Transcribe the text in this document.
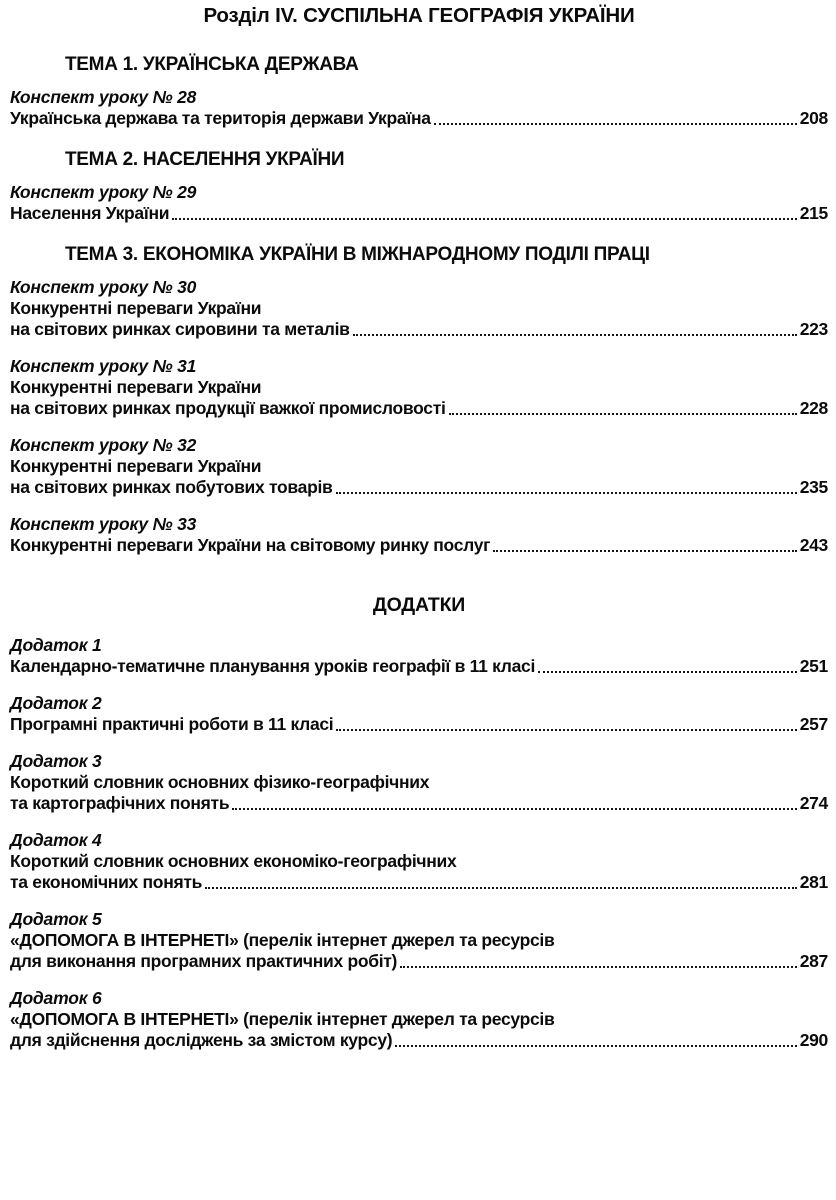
Розділ IV. СУСПІЛЬНА ГЕОГРАФІЯ УКРАЇНИ
ТЕМА 1. УКРАЇНСЬКА ДЕРЖАВА
Конспект уроку № 28
Українська держава та територія держави Україна	208
ТЕМА 2. НАСЕЛЕННЯ УКРАЇНИ
Конспект уроку № 29
Населення України	215
ТЕМА 3. ЕКОНОМІКА УКРАЇНИ В МІЖНАРОДНОМУ ПОДІЛІ ПРАЦІ
Конспект уроку № 30
Конкурентні переваги України
на світових ринках сировини та металів	223
Конспект уроку № 31
Конкурентні переваги України
на світових ринках продукції важкої промисловості	228
Конспект уроку № 32
Конкурентні переваги України
на світових ринках побутових товарів	235
Конспект уроку № 33
Конкурентні переваги України на світовому ринку послуг	243
ДОДАТКИ
Додаток 1
Календарно-тематичне планування уроків географії в 11 класі	251
Додаток 2
Програмні практичні роботи в 11 класі	257
Додаток 3
Короткий словник основних фізико-географічних
та картографічних понять	274
Додаток 4
Короткий словник основних економіко-географічних
та економічних понять	281
Додаток 5
«ДОПОМОГА В ІНТЕРНЕТІ» (перелік інтернет джерел та ресурсів
для виконання програмних практичних робіт)	287
Додаток 6
«ДОПОМОГА В ІНТЕРНЕТІ» (перелік інтернет джерел та ресурсів
для здійснення досліджень за змістом курсу)	290
